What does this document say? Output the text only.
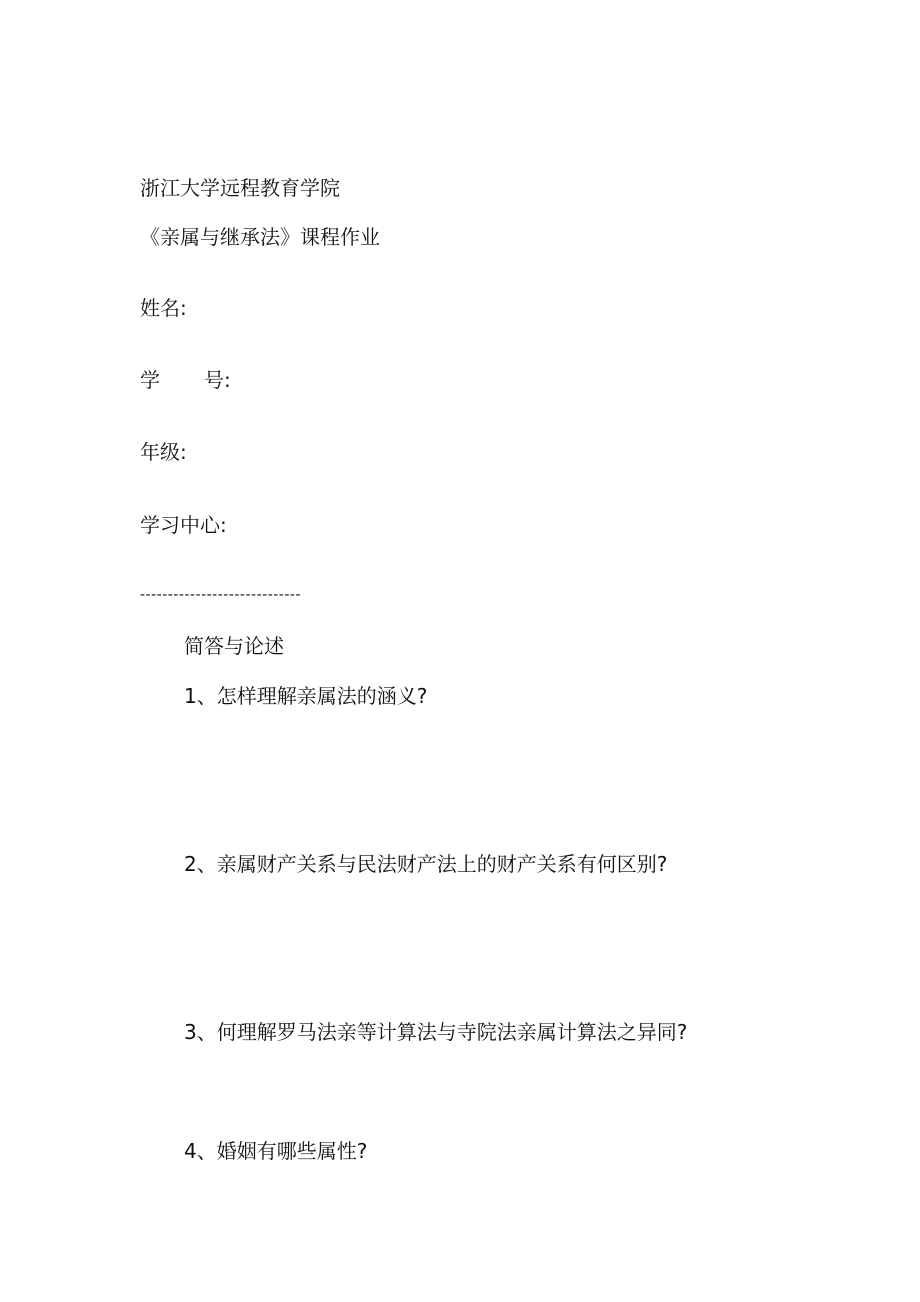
浙江大学远程教育学院

《亲属与继承法》课程作业

姓名:

学 号:

年级:

学习中心:

-----------------------------

简答与论述

1、怎样理解亲属法的涵义?

2、亲属财产关系与民法财产法上的财产关系有何区别?

3、何理解罗马法亲等计算法与寺院法亲属计算法之异同?

4、婚姻有哪些属性?
